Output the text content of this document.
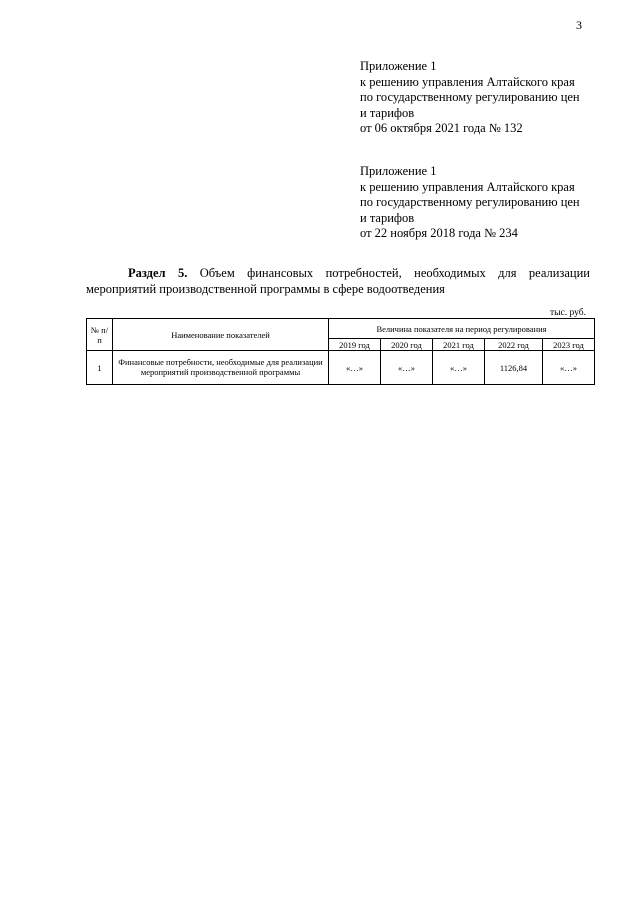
3
Приложение 1
к решению управления Алтайского края
по государственному регулированию цен
и тарифов
от 06 октября 2021 года № 132
Приложение 1
к решению управления Алтайского края
по государственному регулированию цен
и тарифов
от 22 ноября 2018 года № 234
Раздел 5. Объем финансовых потребностей, необходимых для реализации мероприятий производственной программы в сфере водоотведения
тыс. руб.
№ п/п	Наименование показателей	Величина показателя на период регулирования				
		2019 год	2020 год	2021 год	2022 год	2023 год
1	Финансовые потребности, необходимые для реализации мероприятий производственной программы	«…»	«…»	«…»	1126,84	«…»
